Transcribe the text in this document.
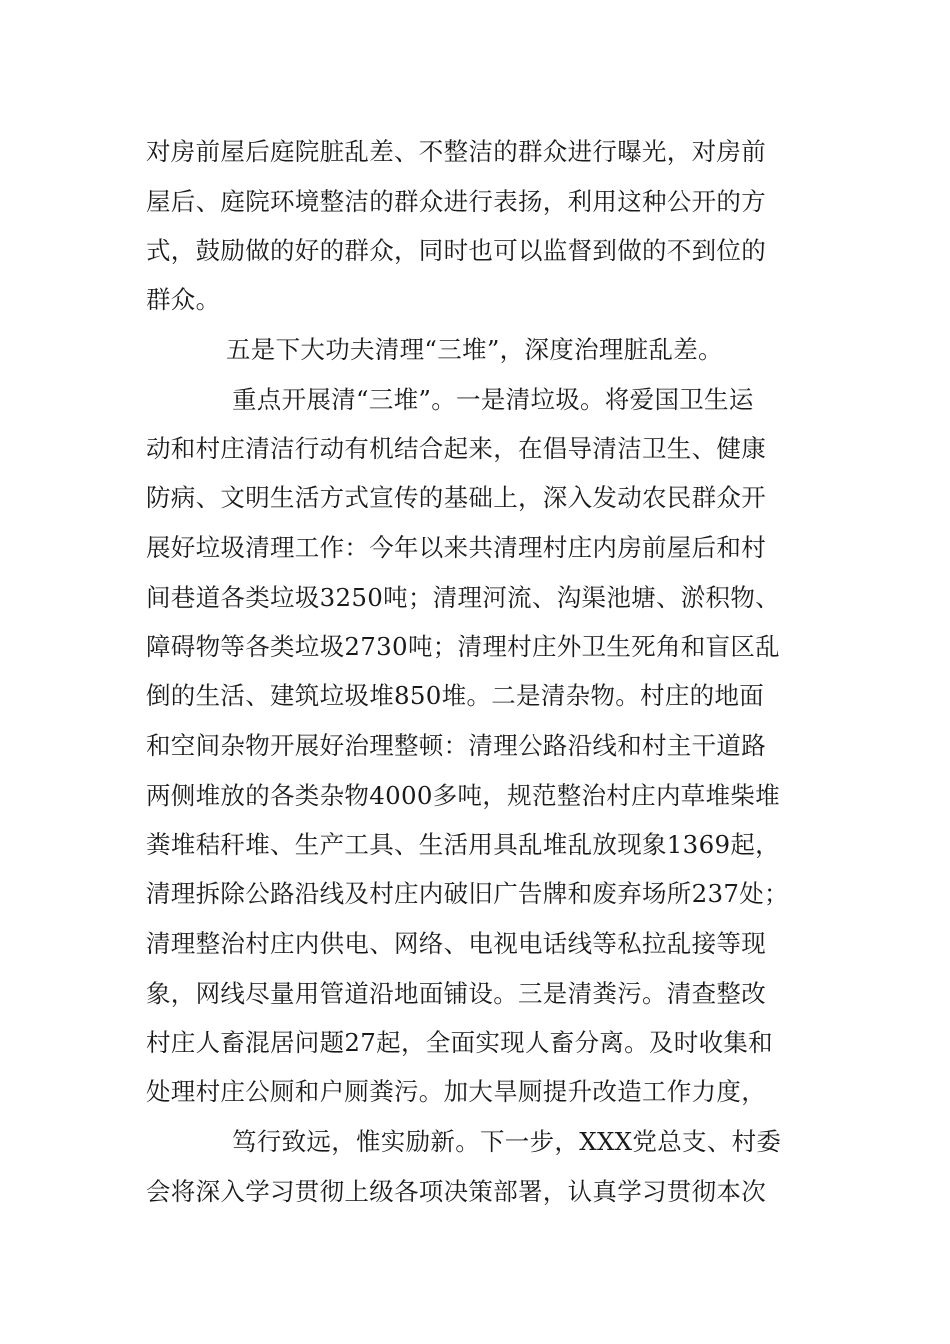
对房前屋后庭院脏乱差、不整洁的群众进行曝光，对房前
屋后、庭院环境整洁的群众进行表扬，利用这种公开的方
式，鼓励做的好的群众，同时也可以监督到做的不到位的
群众。
五是下大功夫清理“三堆”，深度治理脏乱差。
重点开展清“三堆”。一是清垃圾。将爱国卫生运
动和村庄清洁行动有机结合起来，在倡导清洁卫生、健康
防病、文明生活方式宣传的基础上，深入发动农民群众开
展好垃圾清理工作：今年以来共清理村庄内房前屋后和村
间巷道各类垃圾3250吨；清理河流、沟渠池塘、淤积物、
障碍物等各类垃圾2730吨；清理村庄外卫生死角和盲区乱
倒的生活、建筑垃圾堆850堆。二是清杂物。村庄的地面
和空间杂物开展好治理整顿：清理公路沿线和村主干道路
两侧堆放的各类杂物4000多吨，规范整治村庄内草堆柴堆
粪堆秸秆堆、生产工具、生活用具乱堆乱放现象1369起，
清理拆除公路沿线及村庄内破旧广告牌和废弃场所237处；
清理整治村庄内供电、网络、电视电话线等私拉乱接等现
象，网线尽量用管道沿地面铺设。三是清粪污。清查整改
村庄人畜混居问题27起，全面实现人畜分离。及时收集和
处理村庄公厕和户厕粪污。加大旱厕提升改造工作力度，
笃行致远，惟实励新。下一步，XXX党总支、村委
会将深入学习贯彻上级各项决策部署，认真学习贯彻本次
